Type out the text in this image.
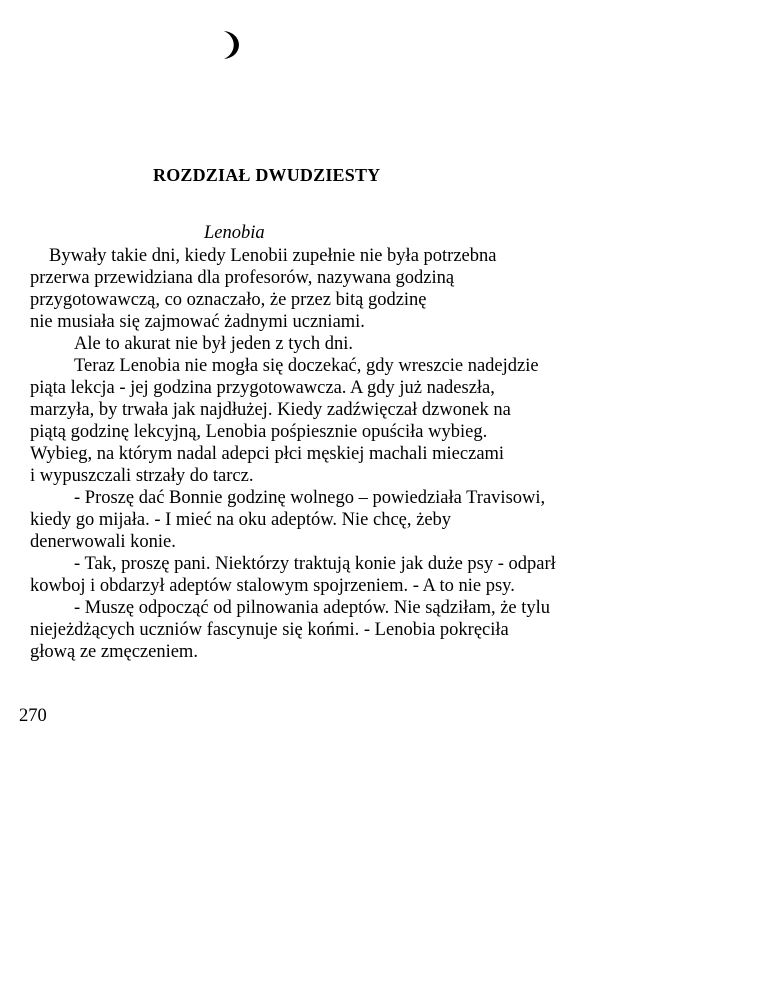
ROZDZIAŁ DWUDZIESTY
Lenobia
Bywały takie dni, kiedy Lenobii zupełnie nie była potrzebna
przerwa przewidziana dla profesorów, nazywana godziną
przygotowawczą, co oznaczało, że przez bitą godzinę
nie musiała się zajmować żadnymi uczniami.
Ale to akurat nie był jeden z tych dni.
Teraz Lenobia nie mogła się doczekać, gdy wreszcie nadejdzie
piąta lekcja - jej godzina przygotowawcza. A gdy już nadeszła,
marzyła, by trwała jak najdłużej. Kiedy zadźwięczał dzwonek na
piątą godzinę lekcyjną, Lenobia pośpiesznie opuściła wybieg.
Wybieg, na którym nadal adepci płci męskiej machali mieczami
i wypuszczali strzały do tarcz.
- Proszę dać Bonnie godzinę wolnego – powiedziała Travisowi,
kiedy go mijała. - I mieć na oku adeptów. Nie chcę, żeby
denerwowali konie.
- Tak, proszę pani. Niektórzy traktują konie jak duże psy - odparł
kowboj i obdarzył adeptów stalowym spojrzeniem. - A to nie psy.
- Muszę odpocząć od pilnowania adeptów. Nie sądziłam, że tylu
niejeżdżących uczniów fascynuje się końmi. - Lenobia pokręciła
głową ze zmęczeniem.
270
